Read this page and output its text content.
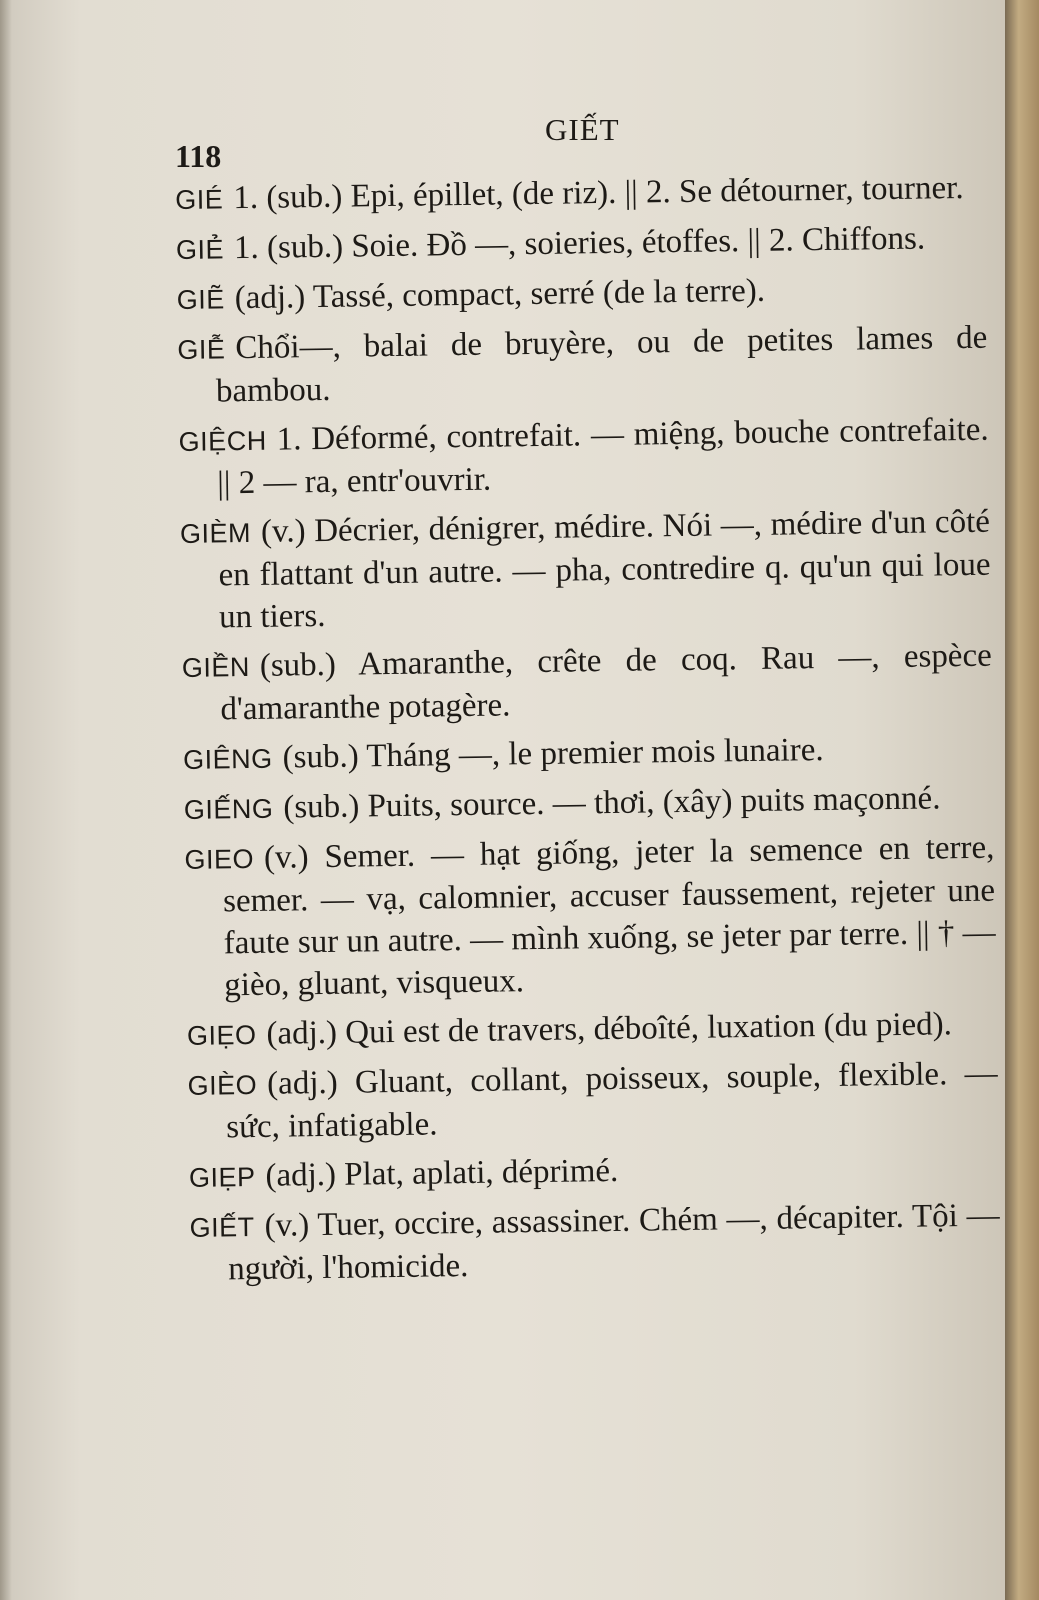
118
GIẾT

GIÉ 1. (sub.) Epi, épillet, (de riz). || 2. Se détourner, tourner.

GIẺ 1. (sub.) Soie. Đồ —, soieries, étoffes. || 2. Chiffons.

GIẼ (adj.) Tassé, compact, serré (de la terre).

GIỄ Chổi—, balai de bruyère, ou de petites lames de bambou.

GIỆCH 1. Déformé, contrefait. — miệng, bouche contrefaite. || 2 — ra, entr'ouvrir.

GIÈM (v.) Décrier, dénigrer, médire. Nói —, médire d'un côté en flattant d'un autre. — pha, contredire q. qu'un qui loue un tiers.

GIỀN (sub.) Amaranthe, crête de coq. Rau —, espèce d'amaranthe potagère.

GIÊNG (sub.) Tháng —, le premier mois lunaire.

GIẾNG (sub.) Puits, source. — thơi, (xây) puits maçonné.

GIEO (v.) Semer. — hạt giống, jeter la semence en terre, semer. — vạ, calomnier, accuser faussement, rejeter une faute sur un autre. — mình xuống, se jeter par terre. || † — gièo, gluant, visqueux.

GIẸO (adj.) Qui est de travers, déboîté, luxation (du pied).

GIÈO (adj.) Gluant, collant, poisseux, souple, flexible. — sức, infatigable.

GIẸP (adj.) Plat, aplati, déprimé.

GIẾT (v.) Tuer, occire, assassiner. Chém —, décapiter. Tội — người, l'homicide.
